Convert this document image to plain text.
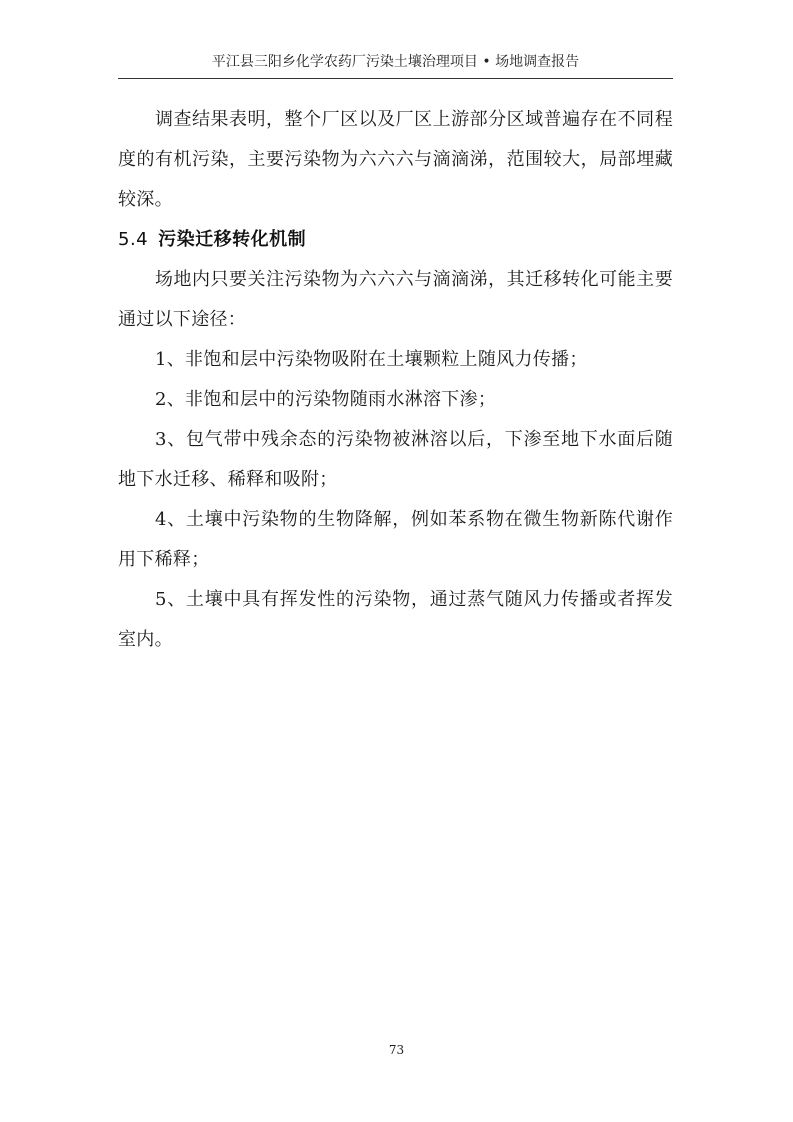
平江县三阳乡化学农药厂污染土壤治理项目 • 场地调查报告

调查结果表明，整个厂区以及厂区上游部分区域普遍存在不同程度的有机污染，主要污染物为六六六与滴滴涕，范围较大，局部埋藏较深。

5.4 污染迁移转化机制

场地内只要关注污染物为六六六与滴滴涕，其迁移转化可能主要通过以下途径：

1、非饱和层中污染物吸附在土壤颗粒上随风力传播；

2、非饱和层中的污染物随雨水淋溶下渗；

3、包气带中残余态的污染物被淋溶以后，下渗至地下水面后随地下水迁移、稀释和吸附；

4、土壤中污染物的生物降解，例如苯系物在微生物新陈代谢作用下稀释；

5、土壤中具有挥发性的污染物，通过蒸气随风力传播或者挥发室内。

73
